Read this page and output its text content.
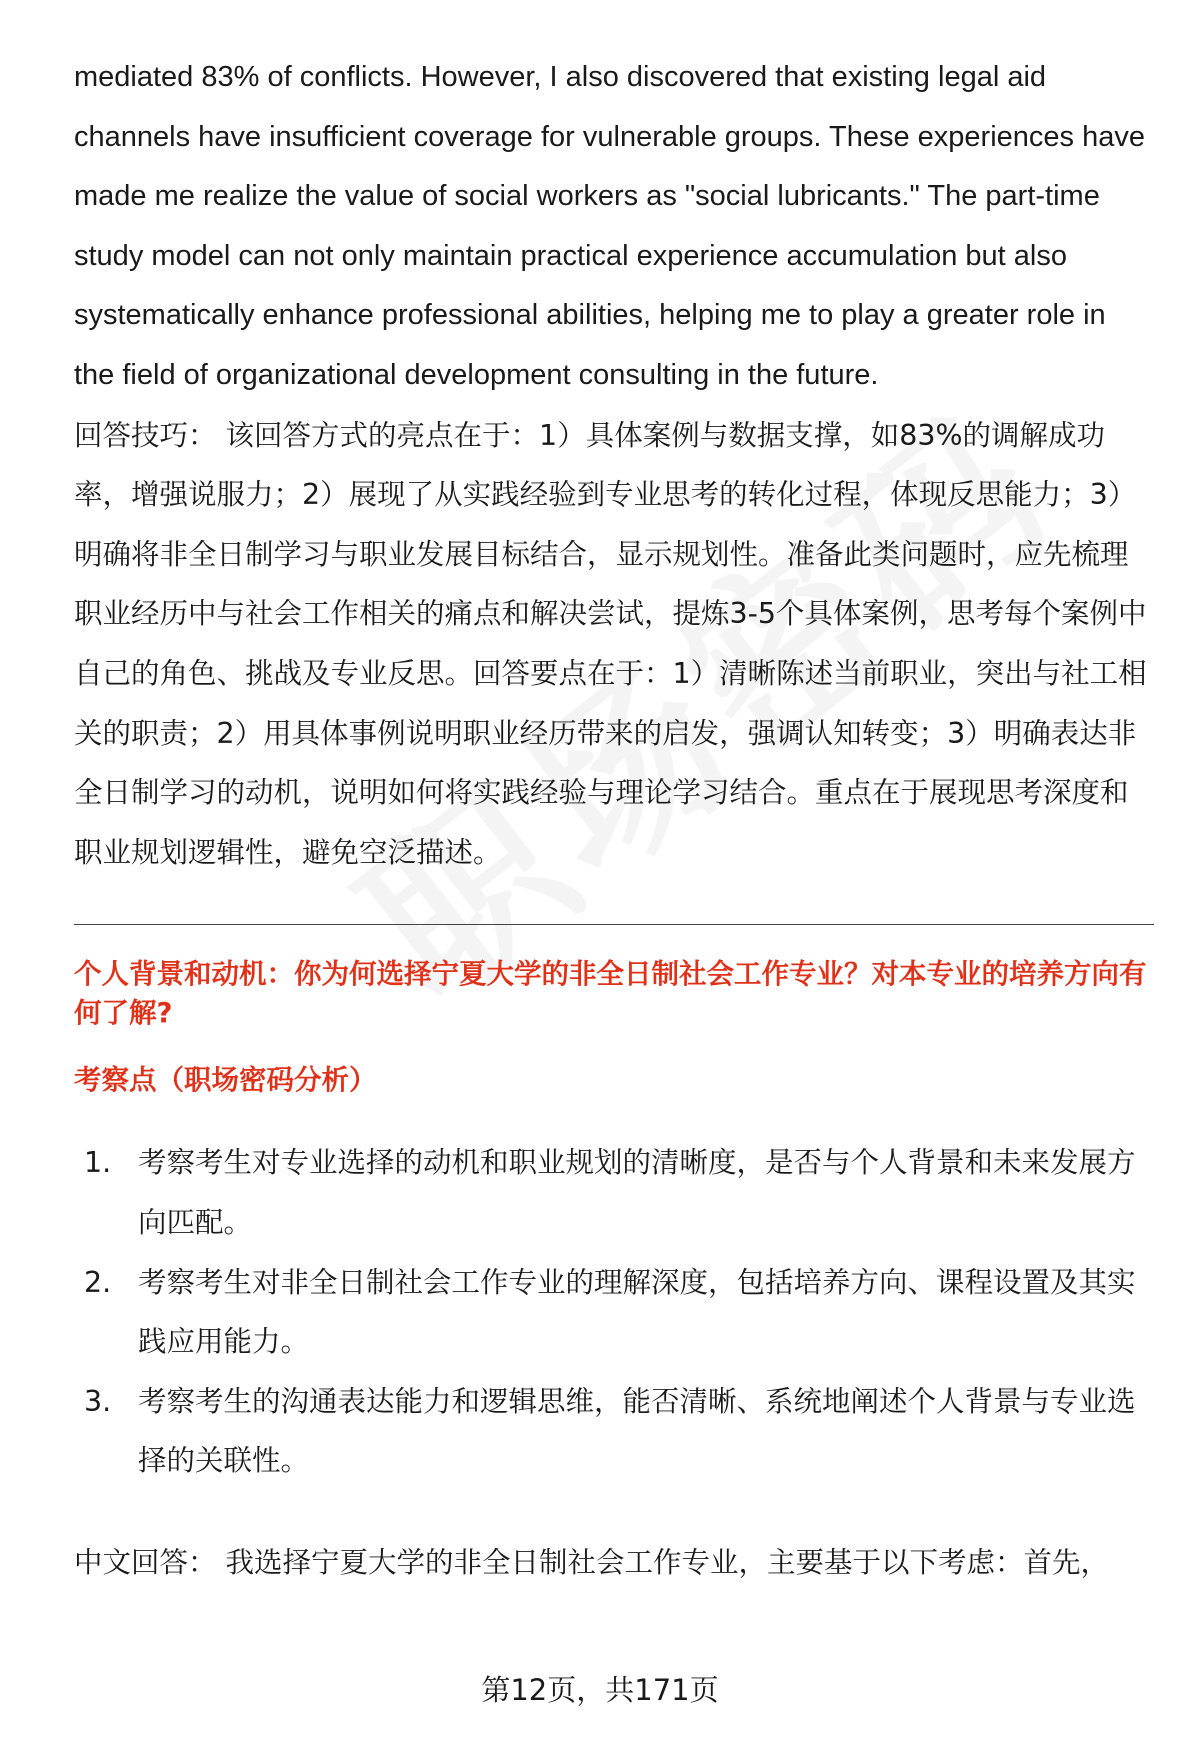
mediated 83% of conflicts. However, I also discovered that existing legal aid channels have insufficient coverage for vulnerable groups. These experiences have made me realize the value of social workers as "social lubricants." The part-time study model can not only maintain practical experience accumulation but also systematically enhance professional abilities, helping me to play a greater role in the field of organizational development consulting in the future.

回答技巧： 该回答方式的亮点在于：1）具体案例与数据支撑，如83%的调解成功率，增强说服力；2）展现了从实践经验到专业思考的转化过程，体现反思能力；3）明确将非全日制学习与职业发展目标结合，显示规划性。准备此类问题时，应先梳理职业经历中与社会工作相关的痛点和解决尝试，提炼3-5个具体案例，思考每个案例中自己的角色、挑战及专业反思。回答要点在于：1）清晰陈述当前职业，突出与社工相关的职责；2）用具体事例说明职业经历带来的启发，强调认知转变；3）明确表达非全日制学习的动机，说明如何将实践经验与理论学习结合。重点在于展现思考深度和职业规划逻辑性，避免空泛描述。

个人背景和动机：你为何选择宁夏大学的非全日制社会工作专业？对本专业的培养方向有何了解?
考察点（职场密码分析）
1. 考察考生对专业选择的动机和职业规划的清晰度，是否与个人背景和未来发展方向匹配。
2. 考察考生对非全日制社会工作专业的理解深度，包括培养方向、课程设置及其实践应用能力。
3. 考察考生的沟通表达能力和逻辑思维，能否清晰、系统地阐述个人背景与专业选择的关联性。

中文回答： 我选择宁夏大学的非全日制社会工作专业，主要基于以下考虑：首先，

第12页，共171页
